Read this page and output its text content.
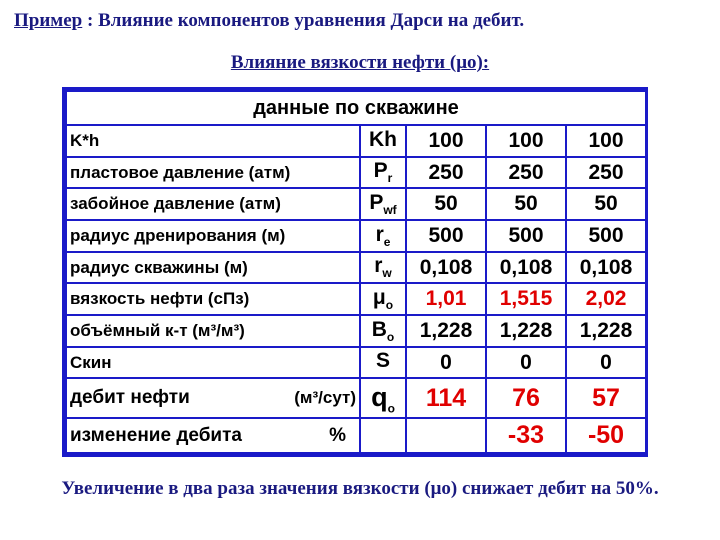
Пример : Влияние компонентов уравнения Дарси на дебит.
Влияние вязкости нефти (μо):
данные по скважине				
K*h	Kh	100	100	100
пластовое давление (атм)	$P_r$	250	250	250
забойное давление (атм)	$P_{wf}$	50	50	50
радиус дренирования (м)	$r_e$	500	500	500
радиус скважины (м)	$r_w$	0,108	0,108	0,108
вязкость нефти (сПз)	$\mu_o$	1,01	1,515	2,02
объёмный к-т (м³/м³)	$B_o$	1,228	1,228	1,228
Скин	S	0	0	0

дебит нефти (м³/сут)	$q_o$	114	76	57

изменение дебита %			-33	-50
Увеличение в два раза значения вязкости (μо) снижает дебит на 50%.
